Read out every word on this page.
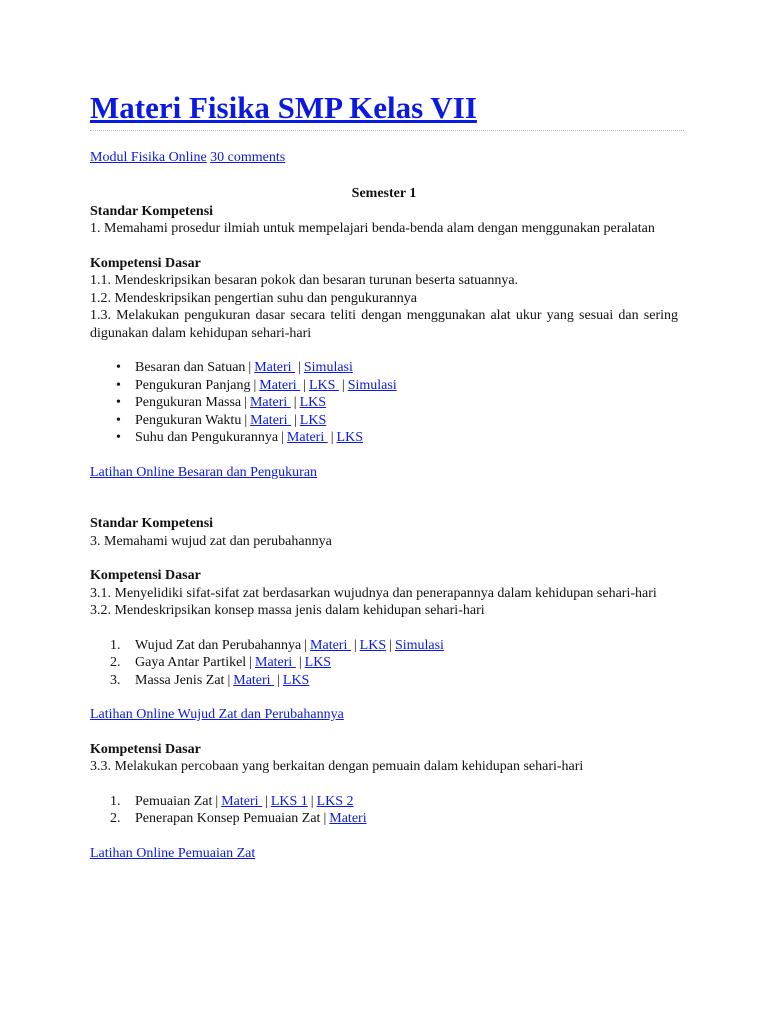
Materi Fisika SMP Kelas VII
Modul Fisika Online 30 comments
Semester 1
Standar Kompetensi
1. Memahami prosedur ilmiah untuk mempelajari benda-benda alam dengan menggunakan peralatan
Kompetensi Dasar
1.1. Mendeskripsikan besaran pokok dan besaran turunan beserta satuannya.
1.2. Mendeskripsikan pengertian suhu dan pengukurannya
1.3. Melakukan pengukuran dasar secara teliti dengan menggunakan alat ukur yang sesuai dan sering digunakan dalam kehidupan sehari-hari
• Besaran dan Satuan | Materi | Simulasi
• Pengukuran Panjang | Materi | LKS | Simulasi
• Pengukuran Massa | Materi | LKS
• Pengukuran Waktu | Materi | LKS
• Suhu dan Pengukurannya | Materi | LKS
Latihan Online Besaran dan Pengukuran
Standar Kompetensi
3. Memahami wujud zat dan perubahannya
Kompetensi Dasar
3.1. Menyelidiki sifat-sifat zat berdasarkan wujudnya dan penerapannya dalam kehidupan sehari-hari
3.2. Mendeskripsikan konsep massa jenis dalam kehidupan sehari-hari
1. Wujud Zat dan Perubahannya | Materi | LKS | Simulasi
2. Gaya Antar Partikel | Materi | LKS
3. Massa Jenis Zat | Materi | LKS
Latihan Online Wujud Zat dan Perubahannya
Kompetensi Dasar
3.3. Melakukan percobaan yang berkaitan dengan pemuain dalam kehidupan sehari-hari
1. Pemuaian Zat | Materi | LKS 1 | LKS 2
2. Penerapan Konsep Pemuaian Zat | Materi
Latihan Online Pemuaian Zat
